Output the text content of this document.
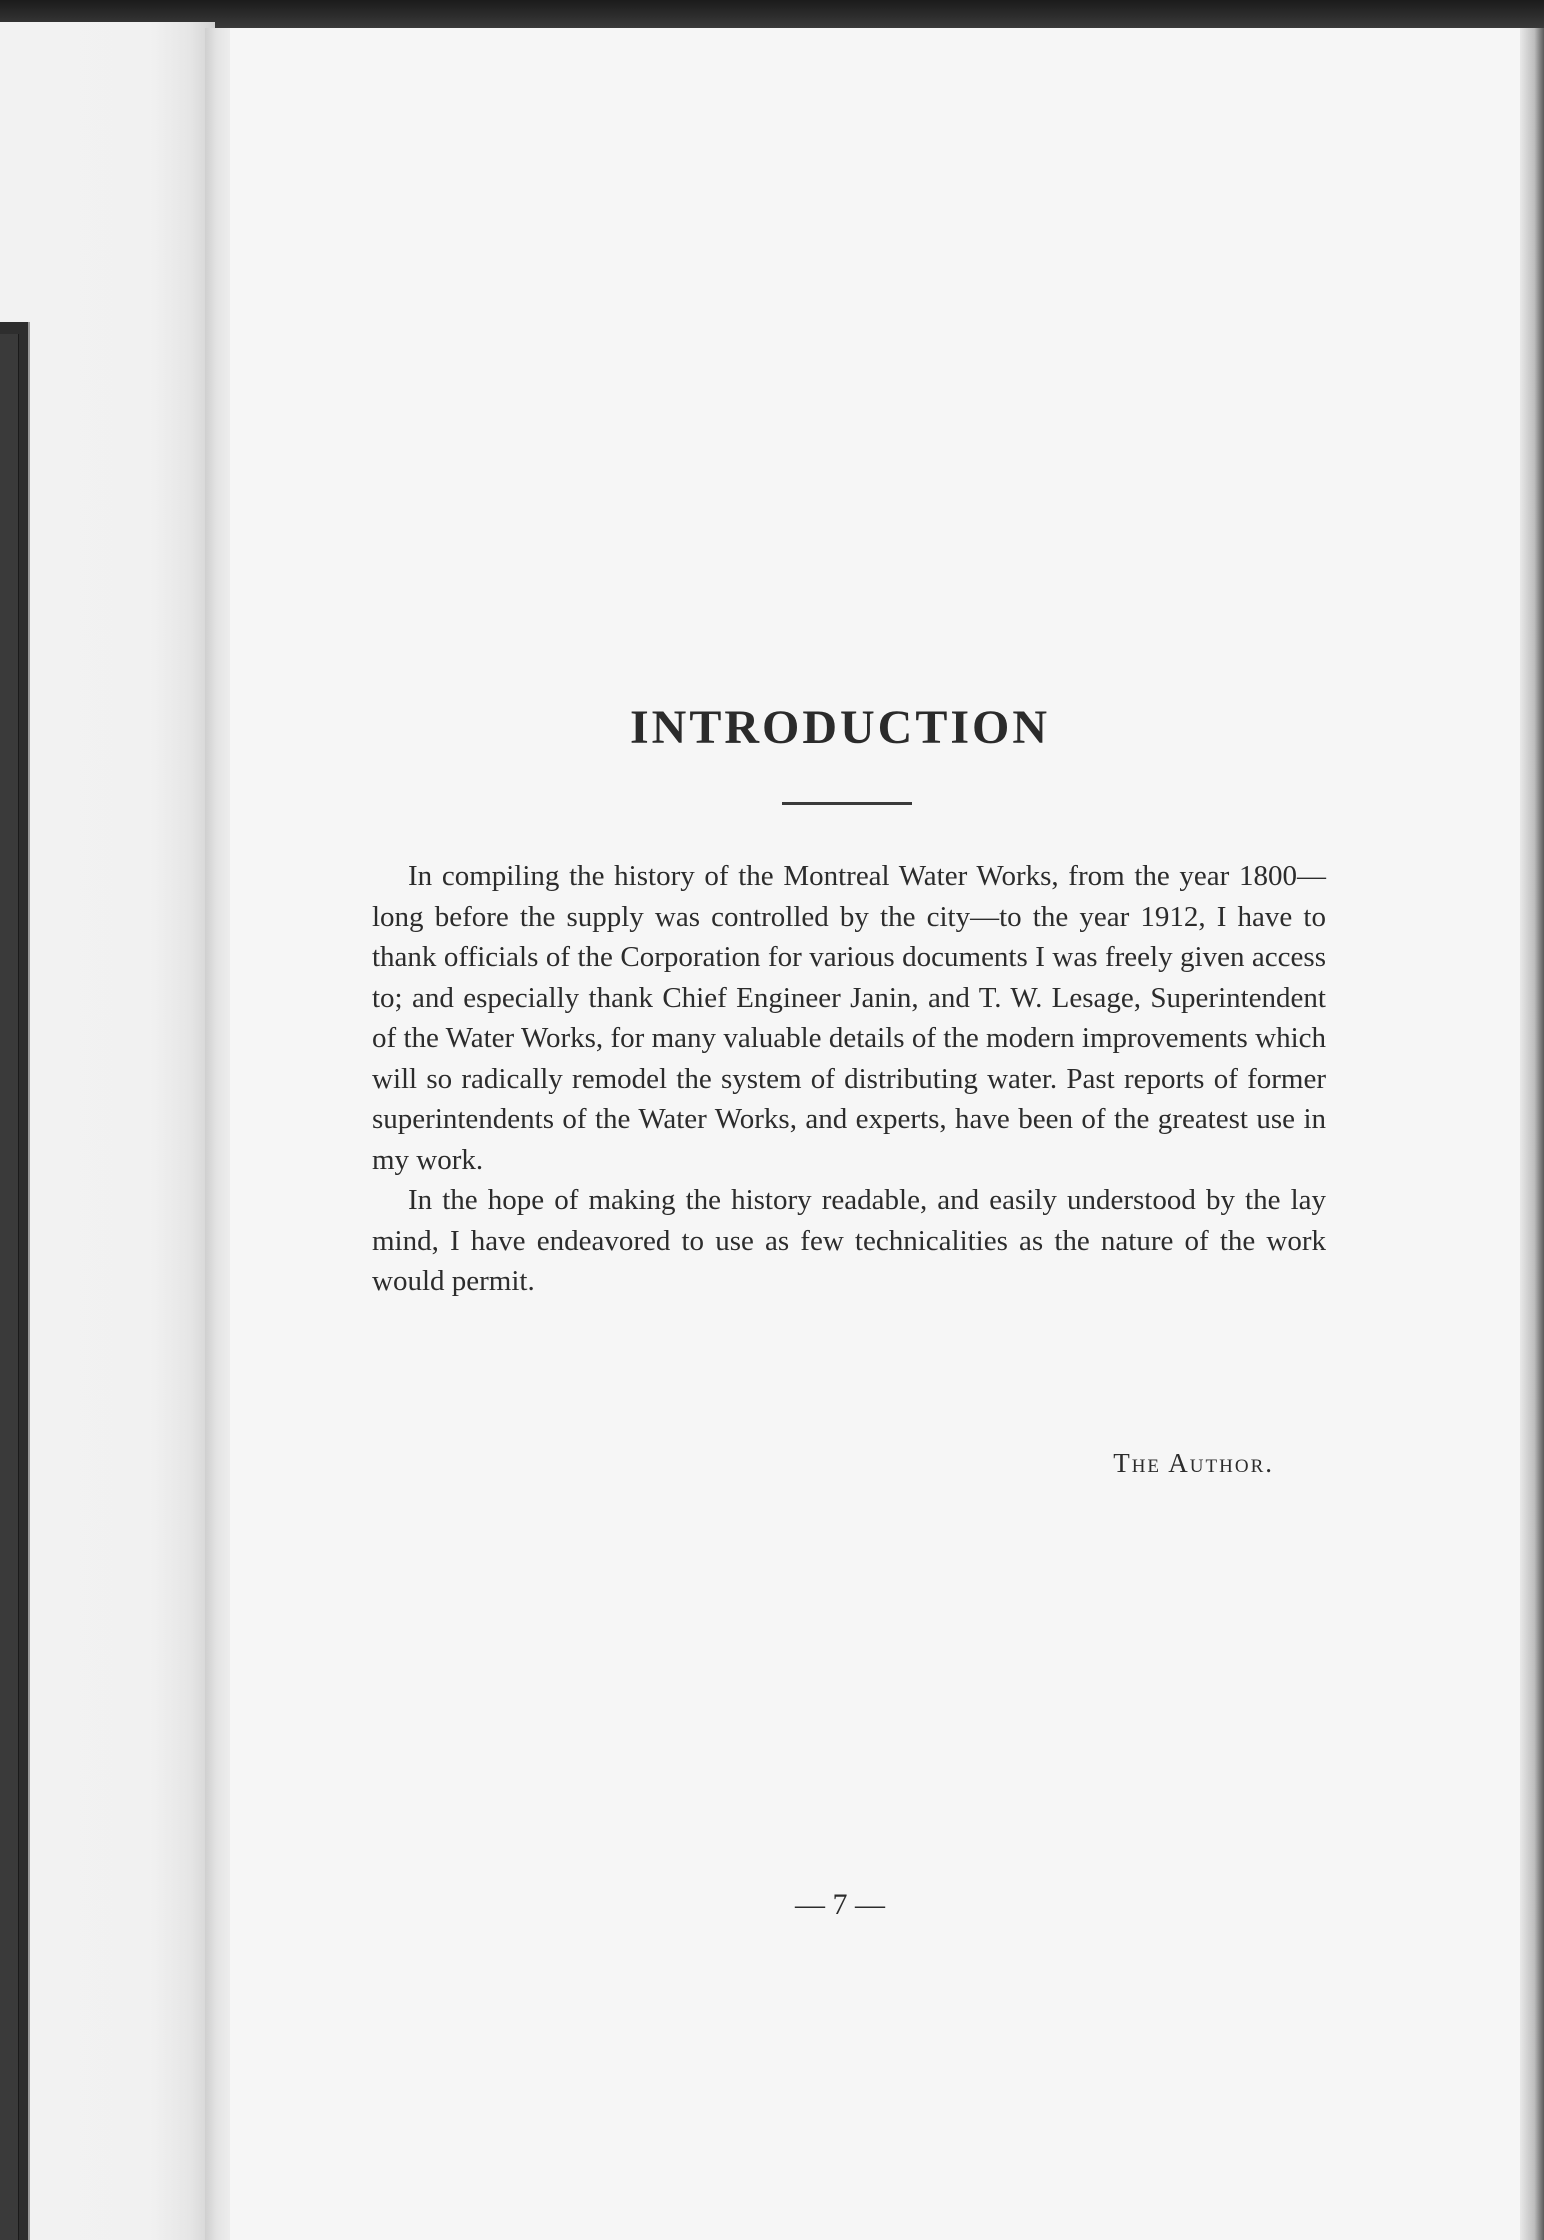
INTRODUCTION

In compiling the history of the Montreal Water Works, from the year 1800—long before the supply was controlled by the city—to the year 1912, I have to thank officials of the Corporation for various documents I was freely given access to; and especially thank Chief Engineer Janin, and T. W. Lesage, Superintendent of the Water Works, for many valuable details of the modern improvements which will so radically remodel the system of distributing water. Past reports of former superintendents of the Water Works, and experts, have been of the greatest use in my work.

In the hope of making the history readable, and easily understood by the lay mind, I have endeavored to use as few technicalities as the nature of the work would permit.

The Author.
— 7 —
